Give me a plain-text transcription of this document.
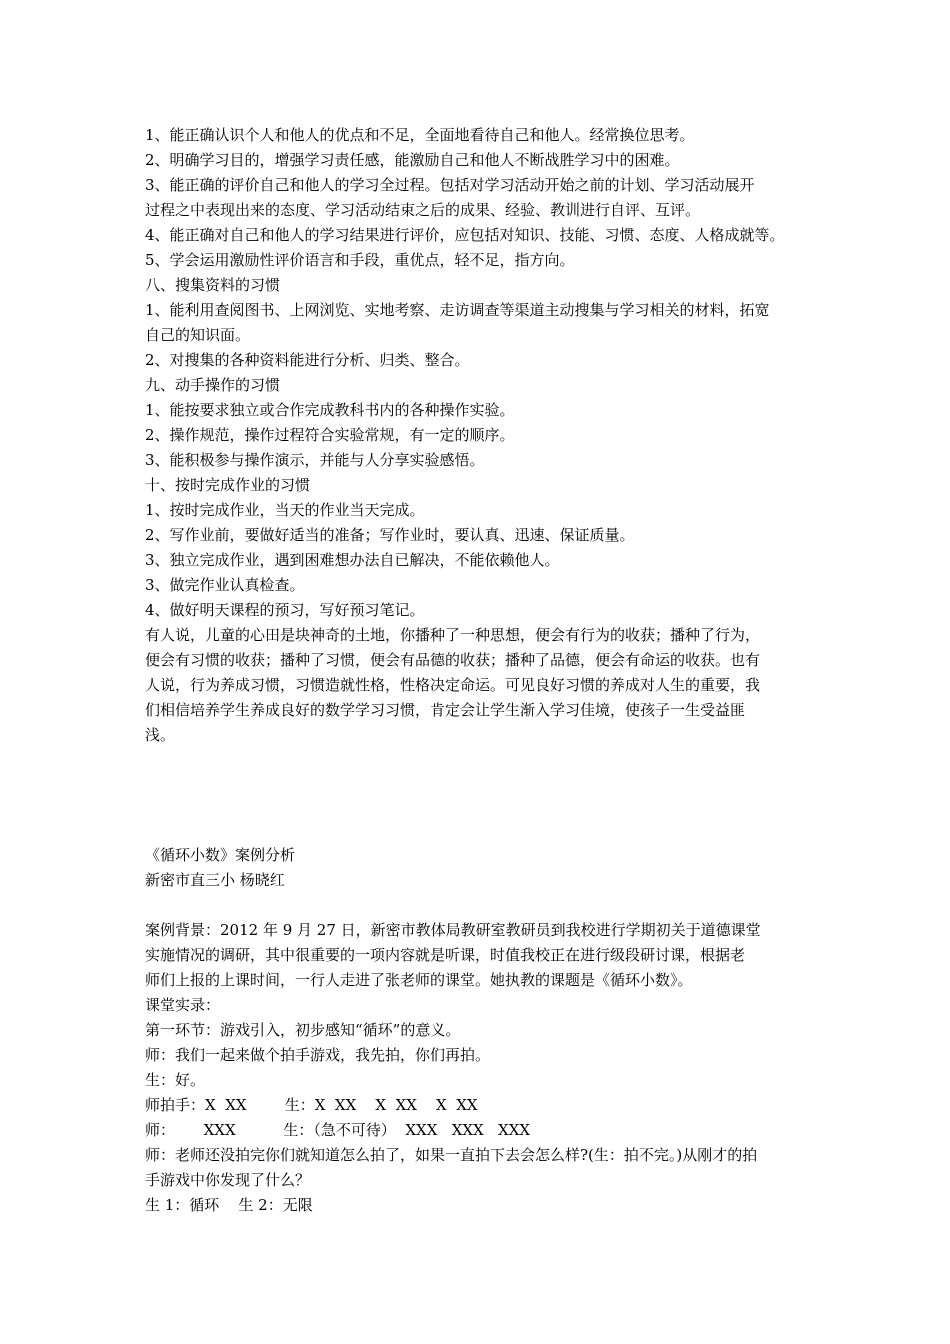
1、能正确认识个人和他人的优点和不足，全面地看待自己和他人。经常换位思考。
2、明确学习目的，增强学习责任感，能激励自己和他人不断战胜学习中的困难。
3、能正确的评价自己和他人的学习全过程。包括对学习活动开始之前的计划、学习活动展开
过程之中表现出来的态度、学习活动结束之后的成果、经验、教训进行自评、互评。
4、能正确对自己和他人的学习结果进行评价，应包括对知识、技能、习惯、态度、人格成就等。
5、学会运用激励性评价语言和手段，重优点，轻不足，指方向。
八、搜集资料的习惯
1、能利用查阅图书、上网浏览、实地考察、走访调查等渠道主动搜集与学习相关的材料，拓宽
自己的知识面。
2、对搜集的各种资料能进行分析、归类、整合。
九、动手操作的习惯
1、能按要求独立或合作完成教科书内的各种操作实验。
2、操作规范，操作过程符合实验常规，有一定的顺序。
3、能积极参与操作演示，并能与人分享实验感悟。
十、按时完成作业的习惯
1、按时完成作业，当天的作业当天完成。
2、写作业前，要做好适当的准备；写作业时，要认真、迅速、保证质量。
3、独立完成作业，遇到困难想办法自已解决，不能依赖他人。
3、做完作业认真检查。
4、做好明天课程的预习，写好预习笔记。
有人说，儿童的心田是块神奇的土地，你播种了一种思想，便会有行为的收获；播种了行为，
便会有习惯的收获；播种了习惯，便会有品德的收获；播种了品德，便会有命运的收获。也有
人说，行为养成习惯，习惯造就性格，性格决定命运。可见良好习惯的养成对人生的重要，我
们相信培养学生养成良好的数学学习习惯，肯定会让学生渐入学习佳境，使孩子一生受益匪
浅。
《循环小数》案例分析
新密市直三小 杨晓红
案例背景：2012 年 9 月 27 日，新密市教体局教研室教研员到我校进行学期初关于道德课堂
实施情况的调研，其中很重要的一项内容就是听课，时值我校正在进行级段研讨课，根据老
师们上报的上课时间，一行人走进了张老师的课堂。她执教的课题是《循环小数》。
课堂实录：
第一环节：游戏引入，初步感知“循环”的意义。
师：我们一起来做个拍手游戏，我先拍，你们再拍。
生：好。
师拍手：X  XX        生：X  XX    X  XX    X  XX
师：      XXX          生：（急不可待）  XXX   XXX   XXX
师：老师还没拍完你们就知道怎么拍了，如果一直拍下去会怎么样?(生：拍不完。)从刚才的拍
手游戏中你发现了什么？
生 1：循环    生 2：无限
